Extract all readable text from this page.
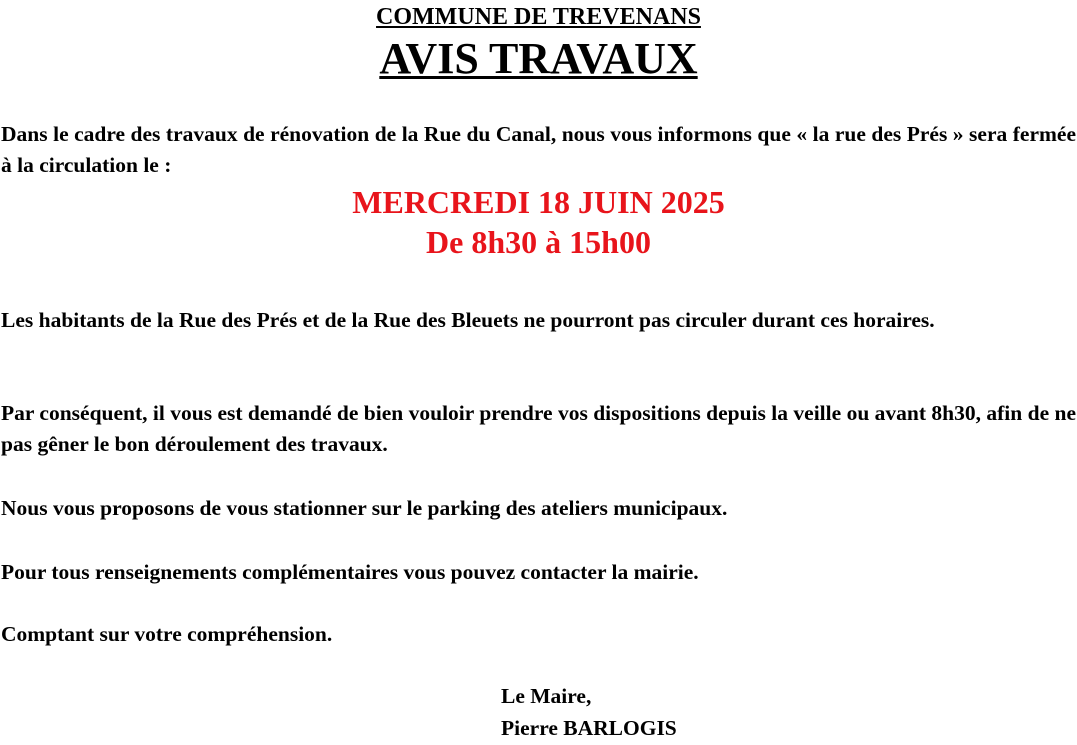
COMMUNE DE TREVENANS
AVIS TRAVAUX

Dans le cadre des travaux de rénovation de la Rue du Canal, nous vous informons que « la rue des Prés » sera fermée à la circulation le :

MERCREDI 18 JUIN 2025
De 8h30 à 15h00

Les habitants de la Rue des Prés et de la Rue des Bleuets ne pourront pas circuler durant ces horaires.

Par conséquent, il vous est demandé de bien vouloir prendre vos dispositions depuis la veille ou avant 8h30, afin de ne pas gêner le bon déroulement des travaux.

Nous vous proposons de vous stationner sur le parking des ateliers municipaux.

Pour tous renseignements complémentaires vous pouvez contacter la mairie.

Comptant sur votre compréhension.

Le Maire,

Pierre BARLOGIS
